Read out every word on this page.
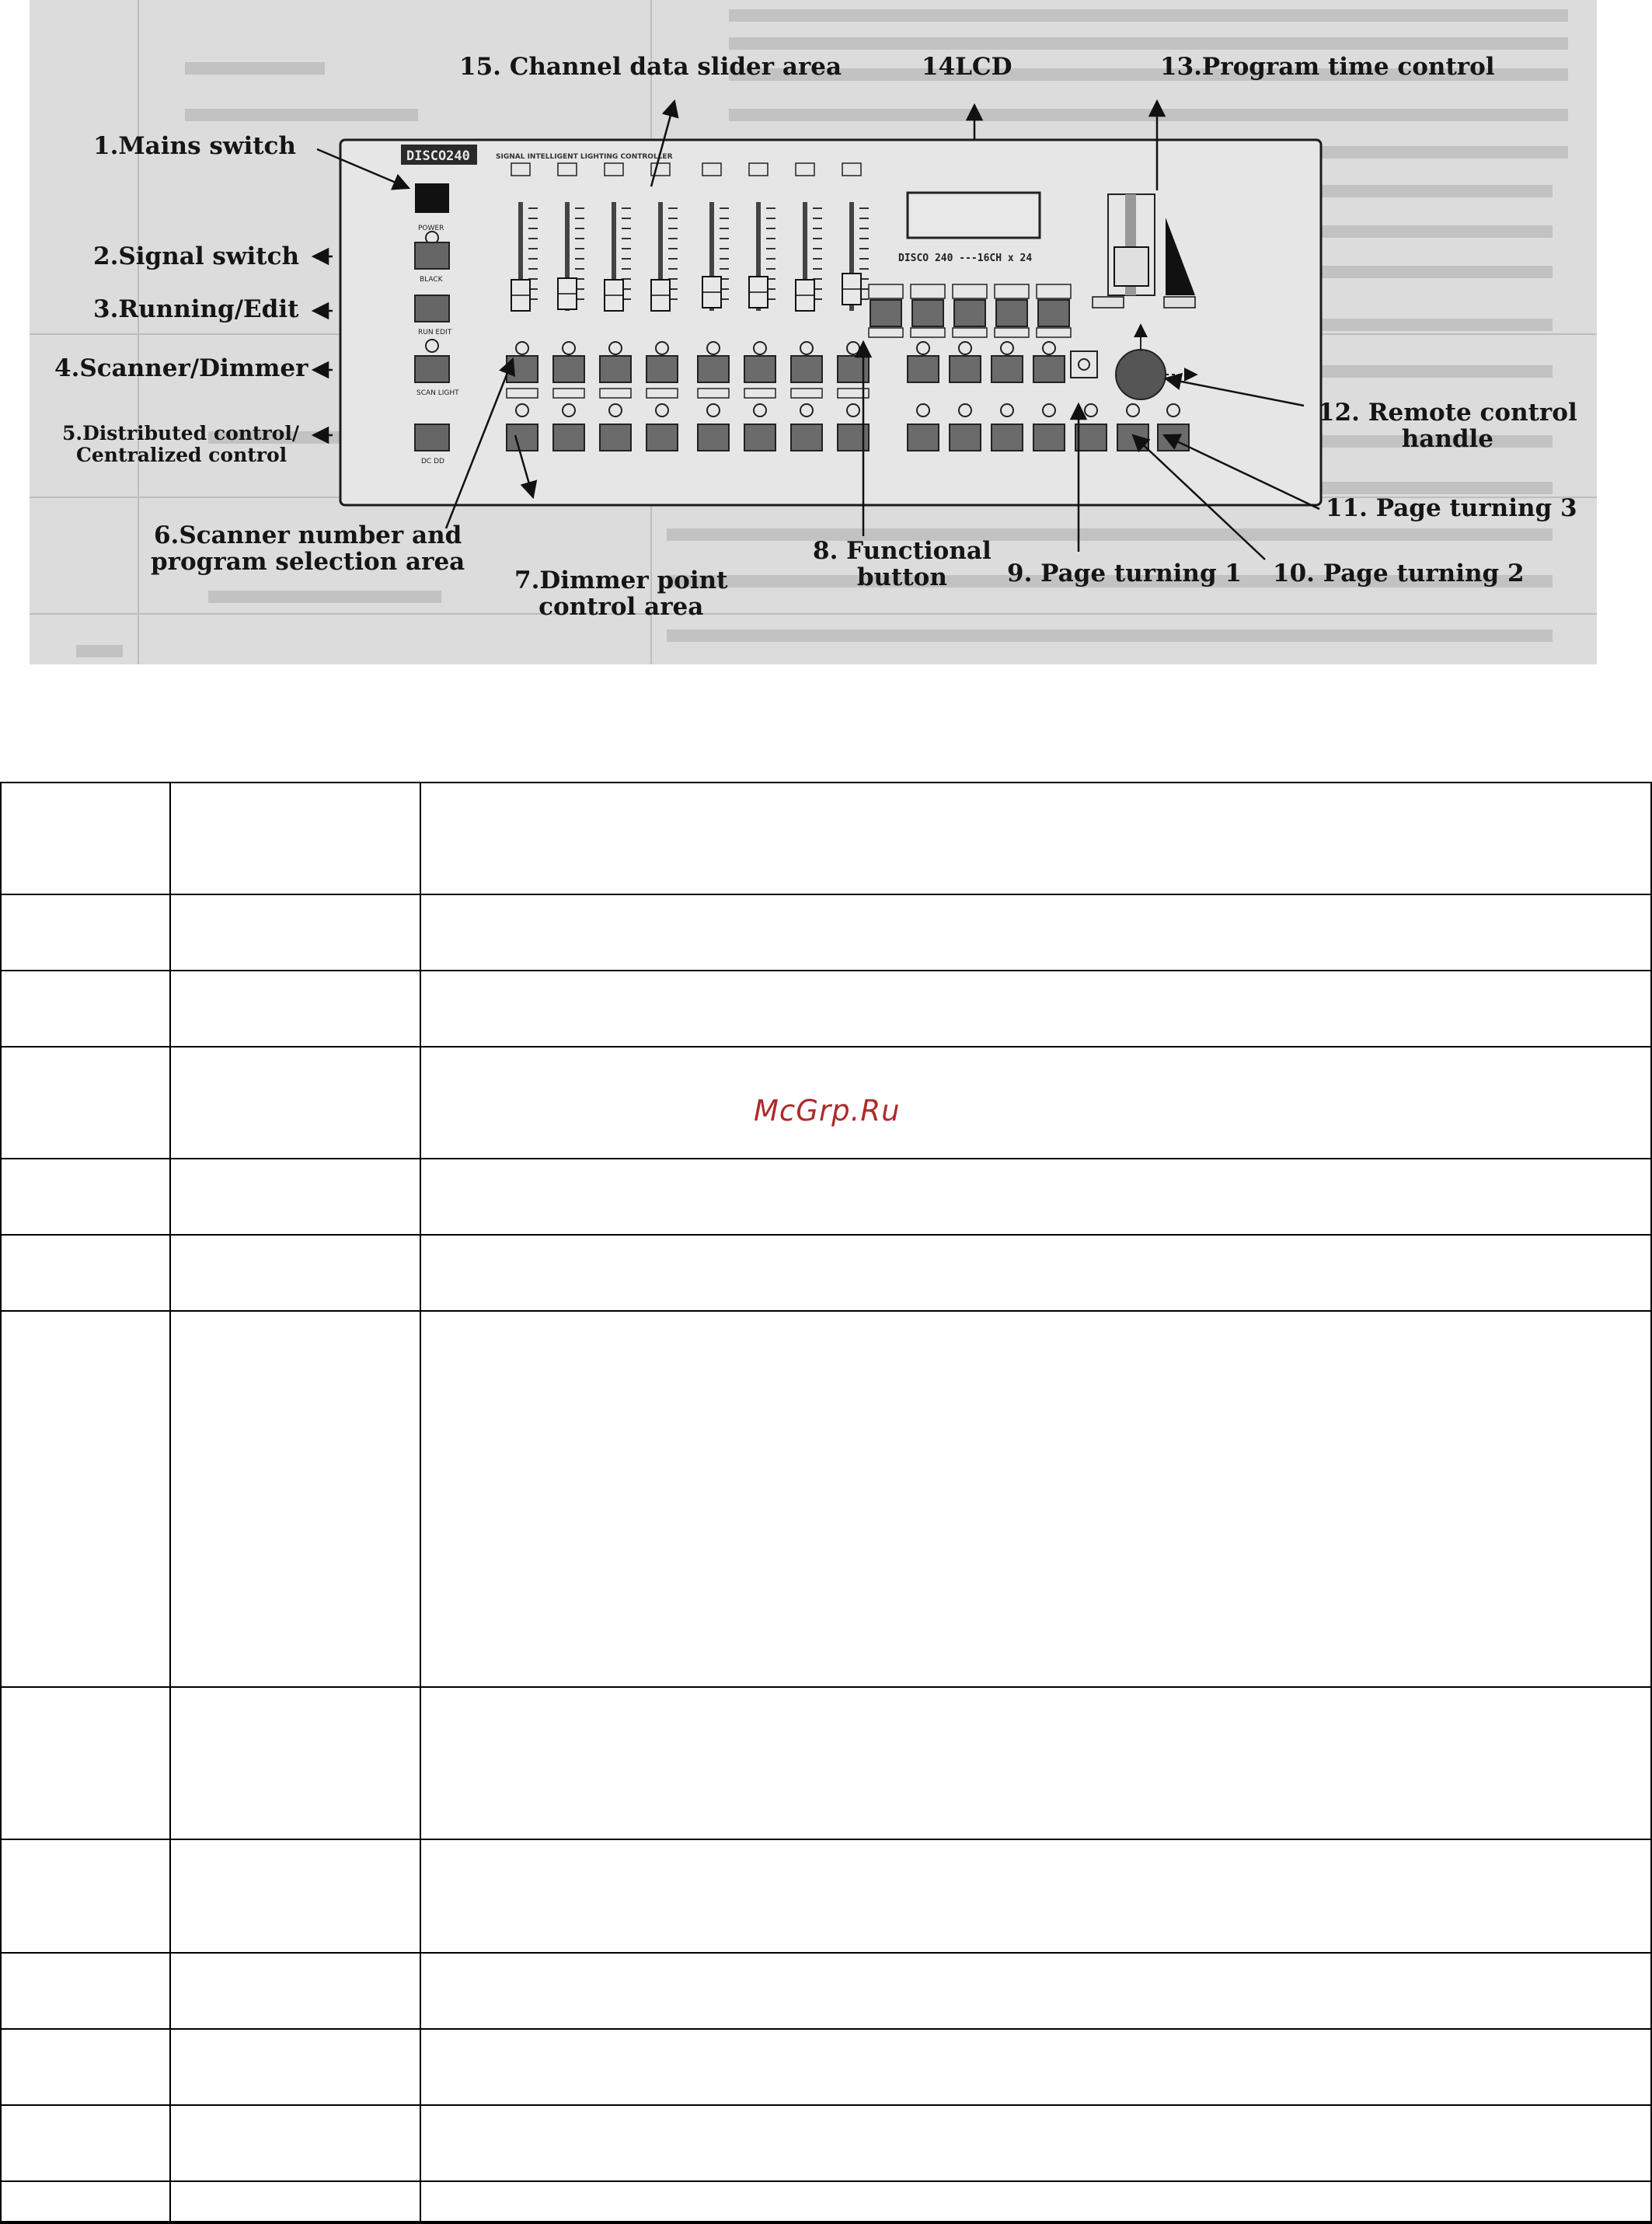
DISCO240	SIGNAL INTELLIGENT LIGHTING CONTROLLER
POWER
BLACK
RUN EDIT
SCAN LIGHT
DC DD
DISCO 240 ---16CH x 24
1.Mains switch
2.Signal switch
3.Running/Edit
4.Scanner/Dimmer
5.Distributed control/
Centralized control
6.Scanner number and
program selection area
7.Dimmer point
control area
8. Functional
button	9. Page turning 1 10. Page turning 2
11. Page turning 3
12. Remote control
handle
13.Program time control
14LCD
15. Channel data slider area

McGrp.Ru
